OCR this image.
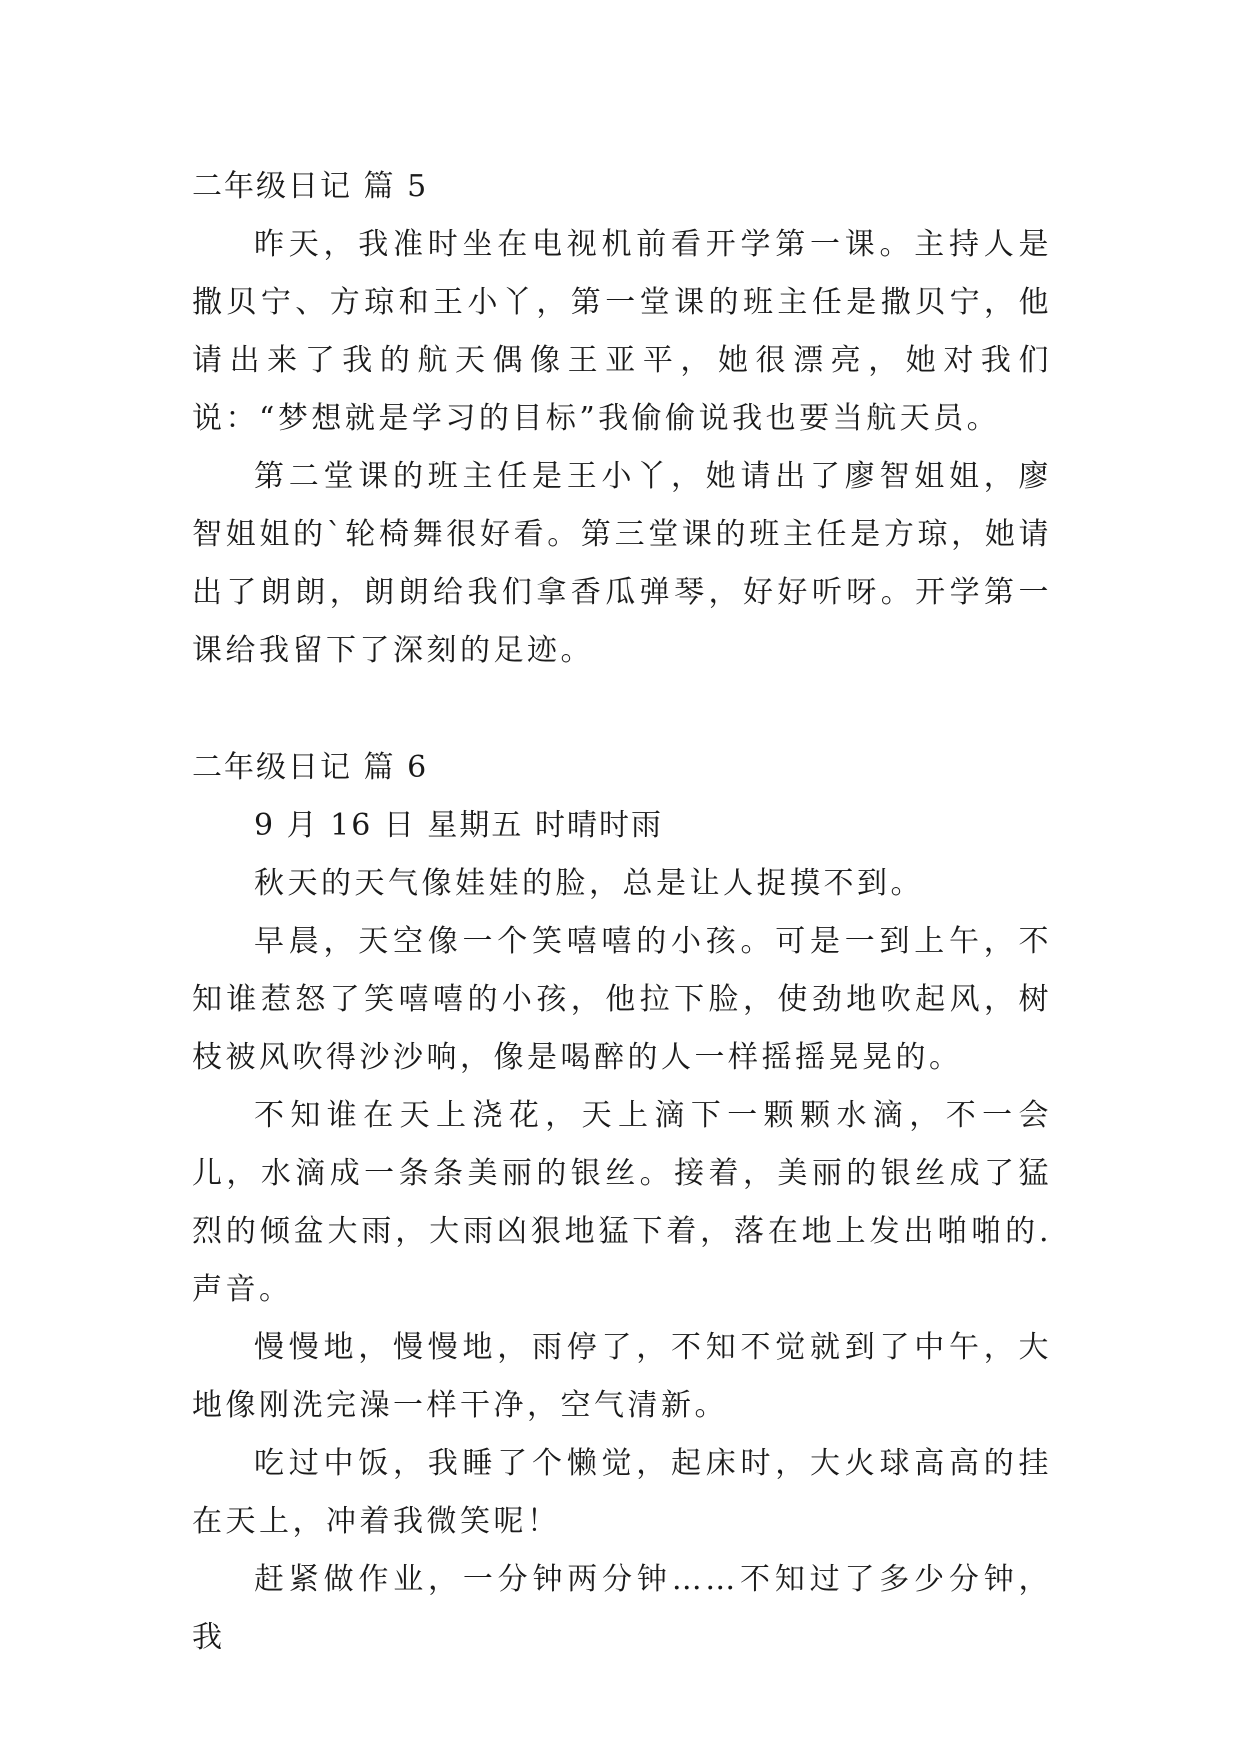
二年级日记 篇 5

昨天，我准时坐在电视机前看开学第一课。主持人是撒贝宁、方琼和王小丫，第一堂课的班主任是撒贝宁，他请出来了我的航天偶像王亚平，她很漂亮，她对我们说：“梦想就是学习的目标”我偷偷说我也要当航天员。

第二堂课的班主任是王小丫，她请出了廖智姐姐，廖智姐姐的`轮椅舞很好看。第三堂课的班主任是方琼，她请出了朗朗，朗朗给我们拿香瓜弹琴，好好听呀。开学第一课给我留下了深刻的足迹。

二年级日记 篇 6

9 月 16 日 星期五 时晴时雨

秋天的天气像娃娃的脸，总是让人捉摸不到。

早晨，天空像一个笑嘻嘻的小孩。可是一到上午，不知谁惹怒了笑嘻嘻的小孩，他拉下脸，使劲地吹起风，树枝被风吹得沙沙响，像是喝醉的人一样摇摇晃晃的。

不知谁在天上浇花，天上滴下一颗颗水滴，不一会儿，水滴成一条条美丽的银丝。接着，美丽的银丝成了猛烈的倾盆大雨，大雨凶狠地猛下着，落在地上发出啪啪的.声音。

慢慢地，慢慢地，雨停了，不知不觉就到了中午，大地像刚洗完澡一样干净，空气清新。

吃过中饭，我睡了个懒觉，起床时，大火球高高的挂在天上，冲着我微笑呢！

赶紧做作业，一分钟两分钟……不知过了多少分钟，我
